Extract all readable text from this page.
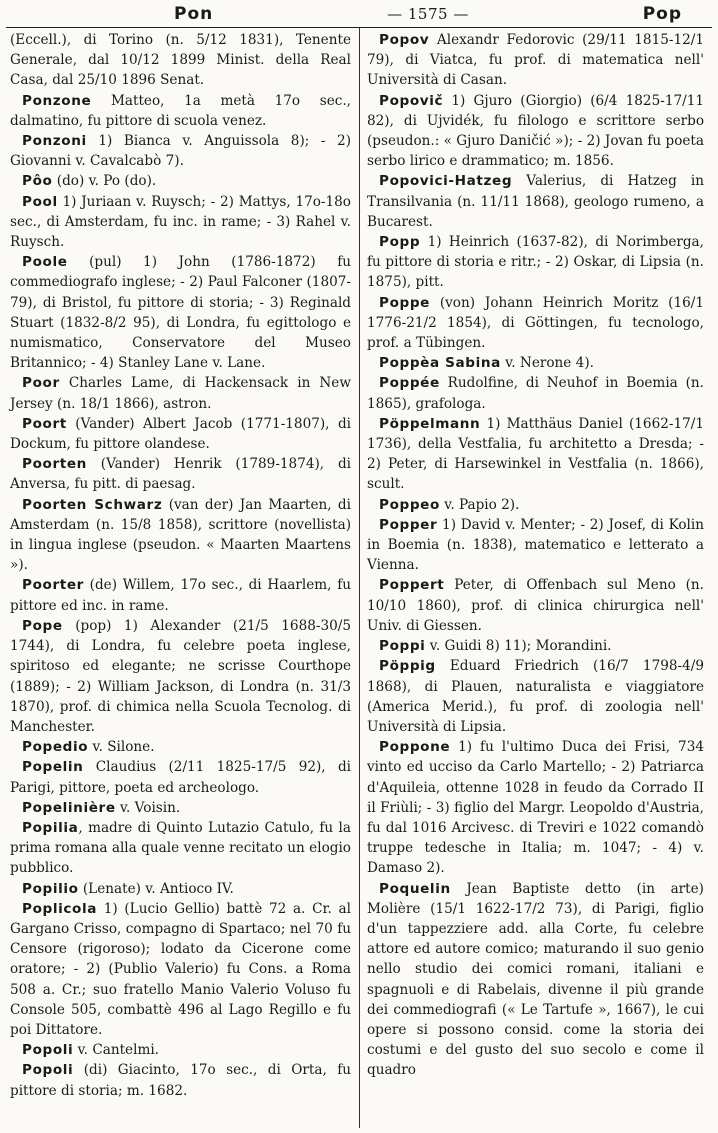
Pon	— 1575 —	Pop

(Eccell.), di Torino (n. 5/12 1831), Tenente Generale, dal 10/12 1899 Minist. della Real Casa, dal 25/10 1896 Senat.

Ponzone Matteo, 1a metà 17o sec., dalmatino, fu pittore di scuola venez.

Ponzoni 1) Bianca v. Anguissola 8); - 2) Giovanni v. Cavalcabò 7).

Pôo (do) v. Po (do).

Pool 1) Juriaan v. Ruysch; - 2) Mattys, 17o-18o sec., di Amsterdam, fu inc. in rame; - 3) Rahel v. Ruysch.

Poole (pul) 1) John (1786-1872) fu commediografo inglese; - 2) Paul Falconer (1807-79), di Bristol, fu pittore di storia; - 3) Reginald Stuart (1832-8/2 95), di Londra, fu egittologo e numismatico, Conservatore del Museo Britannico; - 4) Stanley Lane v. Lane.

Poor Charles Lame, di Hackensack in New Jersey (n. 18/1 1866), astron.

Poort (Vander) Albert Jacob (1771-1807), di Dockum, fu pittore olandese.

Poorten (Vander) Henrik (1789-1874), di Anversa, fu pitt. di paesag.

Poorten Schwarz (van der) Jan Maarten, di Amsterdam (n. 15/8 1858), scrittore (novellista) in lingua inglese (pseudon. « Maarten Maartens »).

Poorter (de) Willem, 17o sec., di Haarlem, fu pittore ed inc. in rame.

Pope (pop) 1) Alexander (21/5 1688-30/5 1744), di Londra, fu celebre poeta inglese, spiritoso ed elegante; ne scrisse Courthope (1889); - 2) William Jackson, di Londra (n. 31/3 1870), prof. di chimica nella Scuola Tecnolog. di Manchester.

Popedio v. Silone.

Popelin Claudius (2/11 1825-17/5 92), di Parigi, pittore, poeta ed archeologo.

Popelinière v. Voisin.

Popilia, madre di Quinto Lutazio Catulo, fu la prima romana alla quale venne recitato un elogio pubblico.

Popilio (Lenate) v. Antioco IV.

Poplicola 1) (Lucio Gellio) battè 72 a. Cr. al Gargano Crisso, compagno di Spartaco; nel 70 fu Censore (rigoroso); lodato da Cicerone come oratore; - 2) (Publio Valerio) fu Cons. a Roma 508 a. Cr.; suo fratello Manio Valerio Voluso fu Console 505, combattè 496 al Lago Regillo e fu poi Dittatore.

Popoli v. Cantelmi.

Popoli (di) Giacinto, 17o sec., di Orta, fu pittore di storia; m. 1682.

Popov Alexandr Fedorovic (29/11 1815-12/1 79), di Viatca, fu prof. di matematica nell' Università di Casan.

Popovič 1) Gjuro (Giorgio) (6/4 1825-17/11 82), di Ujvidék, fu filologo e scrittore serbo (pseudon.: « Gjuro Daničić »); - 2) Jovan fu poeta serbo lirico e drammatico; m. 1856.

Popovici-Hatzeg Valerius, di Hatzeg in Transilvania (n. 11/11 1868), geologo rumeno, a Bucarest.

Popp 1) Heinrich (1637-82), di Norimberga, fu pittore di storia e ritr.; - 2) Oskar, di Lipsia (n. 1875), pitt.

Poppe (von) Johann Heinrich Moritz (16/1 1776-21/2 1854), di Göttingen, fu tecnologo, prof. a Tübingen.

Poppèa Sabina v. Nerone 4).

Poppée Rudolfine, di Neuhof in Boemia (n. 1865), grafologa.

Pöppelmann 1) Matthäus Daniel (1662-17/1 1736), della Vestfalia, fu architetto a Dresda; - 2) Peter, di Harsewinkel in Vestfalia (n. 1866), scult.

Poppeo v. Papio 2).

Popper 1) David v. Menter; - 2) Josef, di Kolin in Boemia (n. 1838), matematico e letterato a Vienna.

Poppert Peter, di Offenbach sul Meno (n. 10/10 1860), prof. di clinica chirurgica nell' Univ. di Giessen.

Poppi v. Guidi 8) 11); Morandini.

Pöppig Eduard Friedrich (16/7 1798-4/9 1868), di Plauen, naturalista e viaggiatore (America Merid.), fu prof. di zoologia nell' Università di Lipsia.

Poppone 1) fu l'ultimo Duca dei Frisi, 734 vinto ed ucciso da Carlo Martello; - 2) Patriarca d'Aquileia, ottenne 1028 in feudo da Corrado II il Friùli; - 3) figlio del Margr. Leopoldo d'Austria, fu dal 1016 Arcivesc. di Treviri e 1022 comandò truppe tedesche in Italia; m. 1047; - 4) v. Damaso 2).

Poquelin Jean Baptiste detto (in arte) Molière (15/1 1622-17/2 73), di Parigi, figlio d'un tappezziere add. alla Corte, fu celebre attore ed autore comico; maturando il suo genio nello studio dei comici romani, italiani e spagnuoli e di Rabelais, divenne il più grande dei commediografi (« Le Tartufe », 1667), le cui opere si possono consid. come la storia dei costumi e del gusto del suo secolo e come il quadro
